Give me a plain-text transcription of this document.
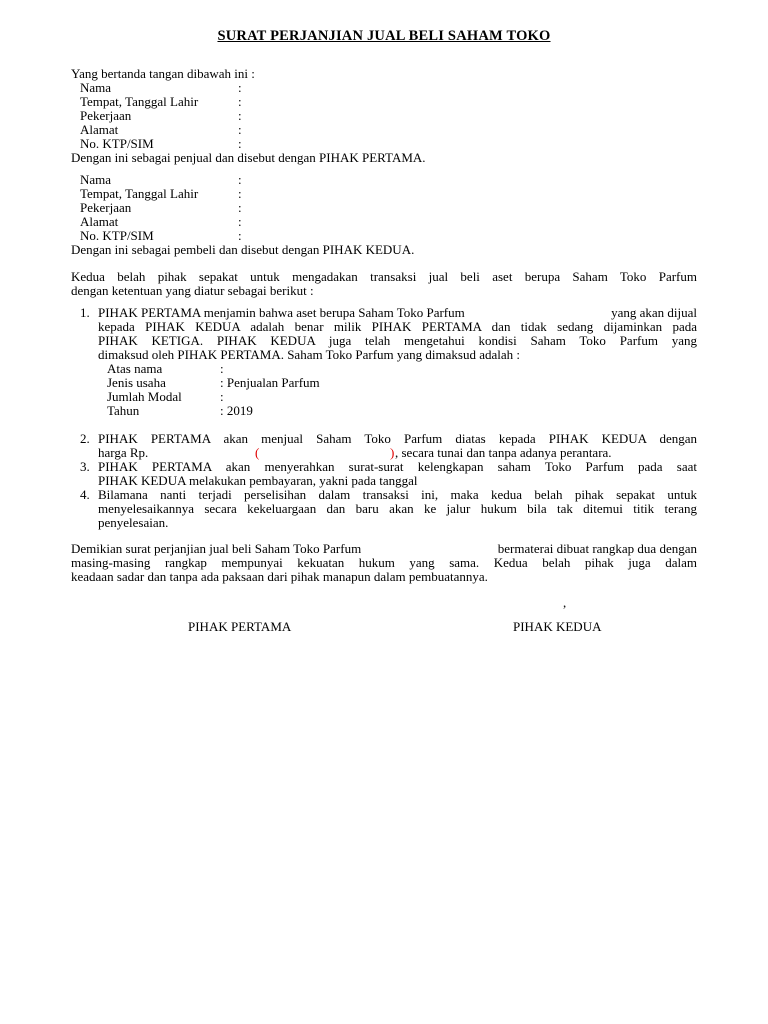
SURAT PERJANJIAN JUAL BELI SAHAM TOKO
Yang bertanda tangan dibawah ini :
Nama	:
Tempat, Tanggal Lahir	:
Pekerjaan	:
Alamat	:
No. KTP/SIM	:
Dengan ini sebagai penjual dan disebut dengan PIHAK PERTAMA.
Nama	:
Tempat, Tanggal Lahir	:
Pekerjaan	:
Alamat	:
No. KTP/SIM	:
Dengan ini sebagai pembeli dan disebut dengan PIHAK KEDUA.
Kedua belah pihak sepakat untuk mengadakan transaksi jual beli aset berupa Saham Toko Parfum
dengan ketentuan yang diatur sebagai berikut :
1. PIHAK PERTAMA menjamin bahwa aset berupa Saham Toko Parfum	yang akan dijual
kepada PIHAK KEDUA adalah benar milik PIHAK PERTAMA dan tidak sedang dijaminkan pada
PIHAK KETIGA. PIHAK KEDUA juga telah mengetahui kondisi Saham Toko Parfum yang
dimaksud oleh PIHAK PERTAMA. Saham Toko Parfum yang dimaksud adalah :
Atas nama	:
Jenis usaha	: Penjualan Parfum
Jumlah Modal	:
Tahun	: 2019
2. PIHAK PERTAMA akan menjual Saham Toko Parfum diatas kepada PIHAK KEDUA dengan
harga Rp.	(	) , secara tunai dan tanpa adanya perantara.
3. PIHAK PERTAMA akan menyerahkan surat-surat kelengkapan saham Toko Parfum pada saat
PIHAK KEDUA melakukan pembayaran, yakni pada tanggal
4. Bilamana nanti terjadi perselisihan dalam transaksi ini, maka kedua belah pihak sepakat untuk
menyelesaikannya secara kekeluargaan dan baru akan ke jalur hukum bila tak ditemui titik terang
penyelesaian.
Demikian surat perjanjian jual beli Saham Toko Parfum	bermaterai dibuat rangkap dua dengan
masing-masing rangkap mempunyai kekuatan hukum yang sama. Kedua belah pihak juga dalam
keadaan sadar dan tanpa ada paksaan dari pihak manapun dalam pembuatannya.
,
PIHAK PERTAMA	PIHAK KEDUA
